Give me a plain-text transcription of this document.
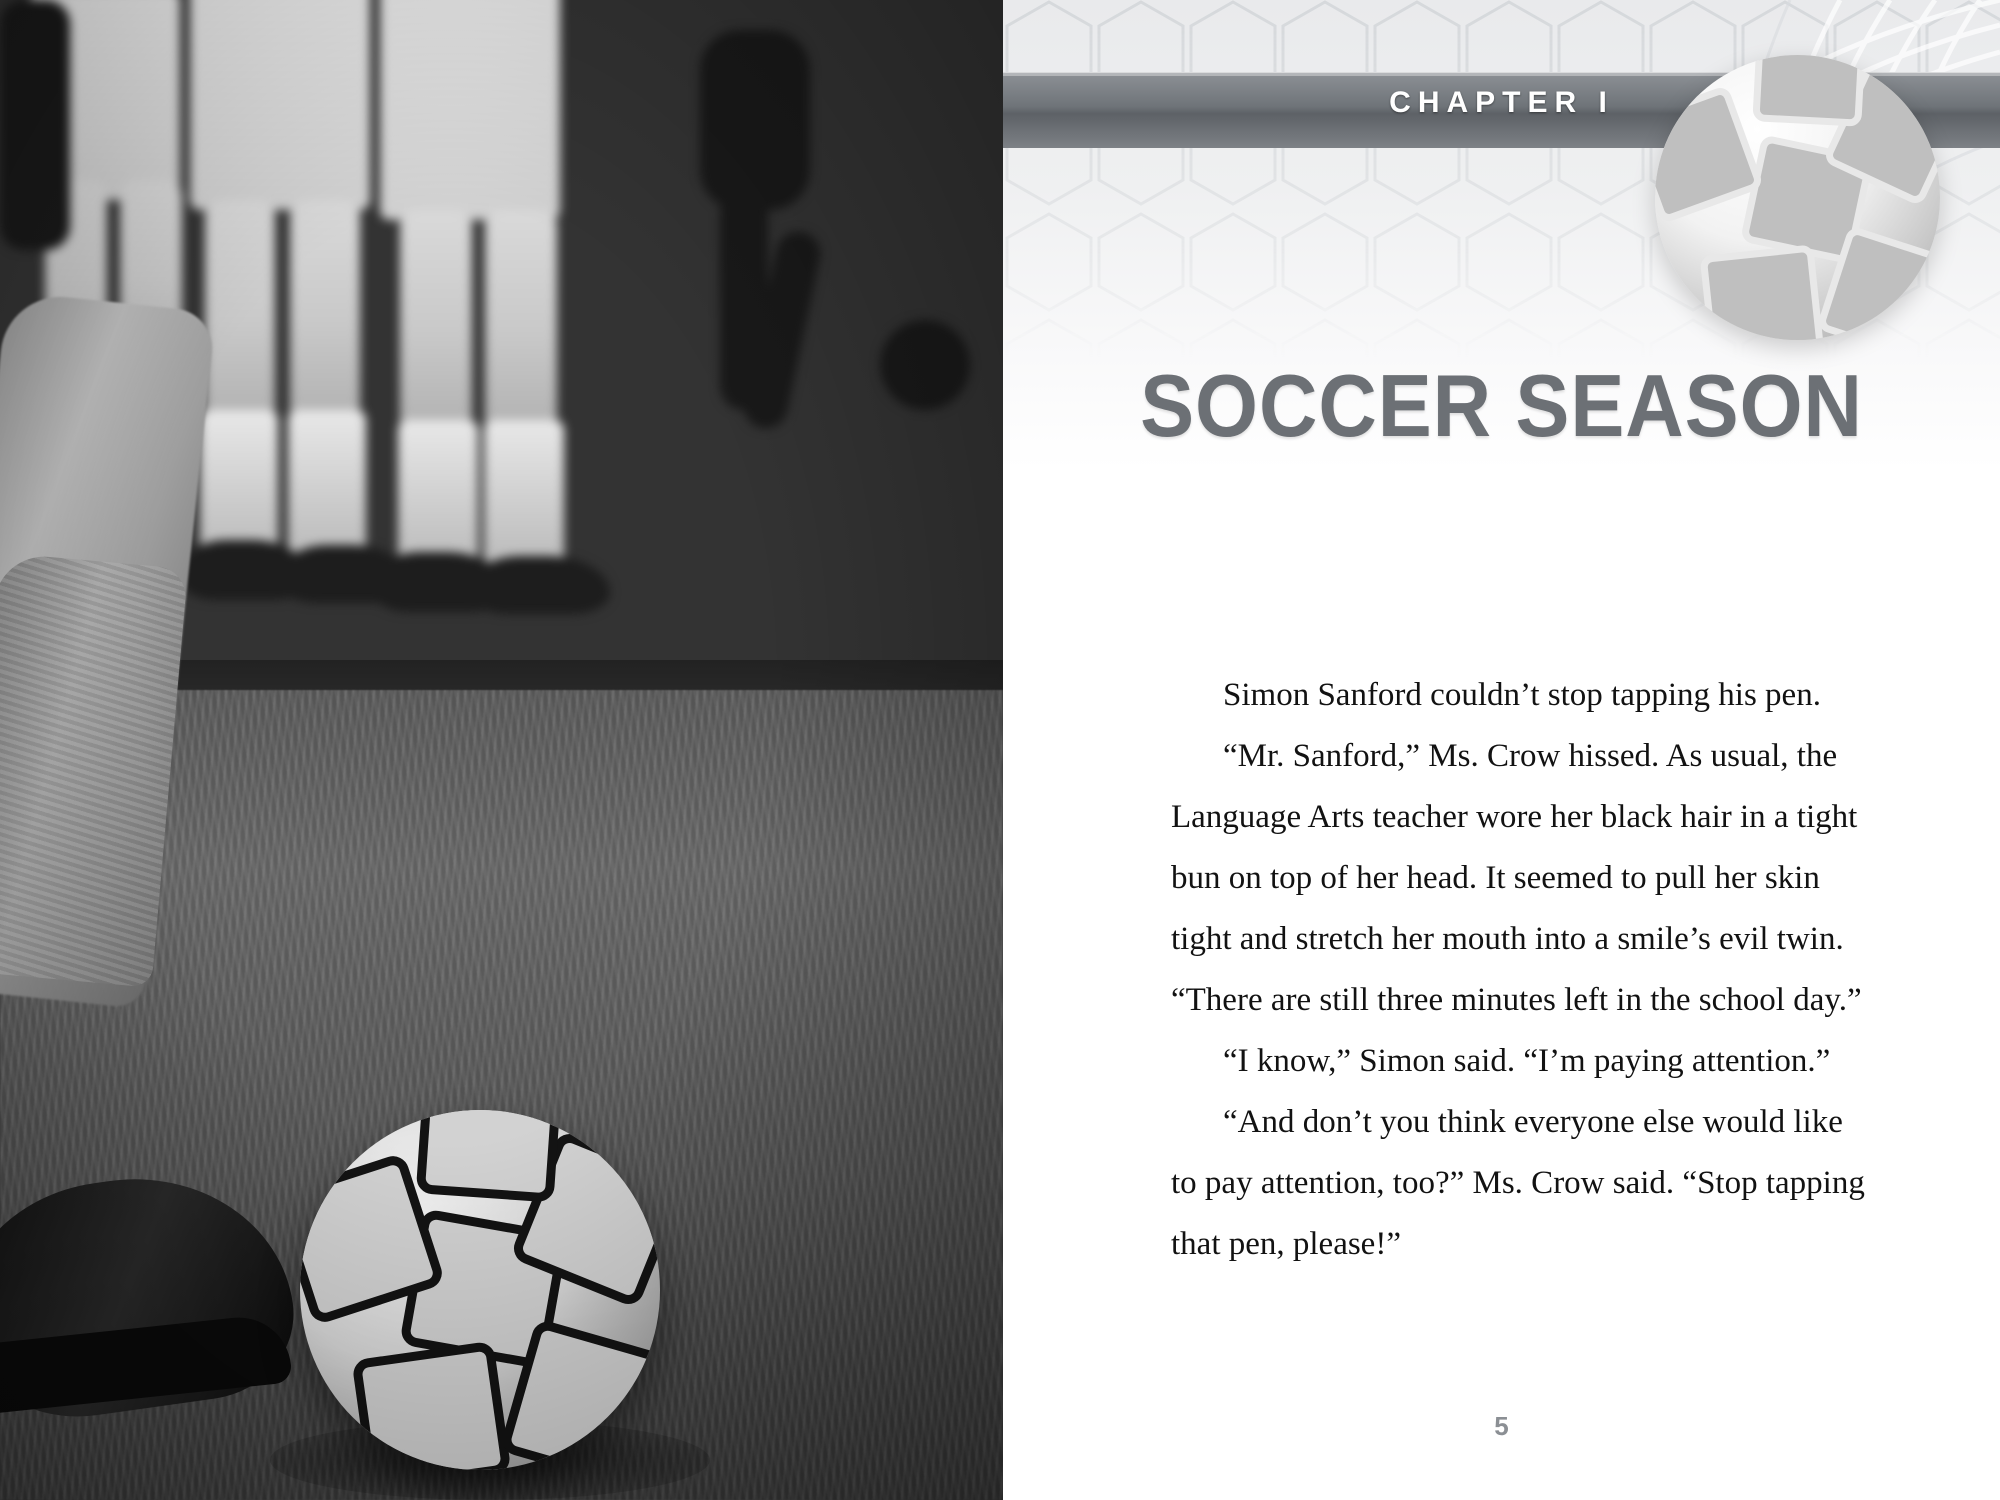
CHAPTER I
SOCCER SEASON

Simon Sanford couldn’t stop tapping his pen.

“Mr. Sanford,” Ms. Crow hissed. As usual, the Language Arts teacher wore her black hair in a tight bun on top of her head. It seemed to pull her skin tight and stretch her mouth into a smile’s evil twin. “There are still three minutes left in the school day.”

“I know,” Simon said. “I’m paying attention.”

“And don’t you think everyone else would like to pay attention, too?” Ms. Crow said. “Stop tapping that pen, please!”

5
